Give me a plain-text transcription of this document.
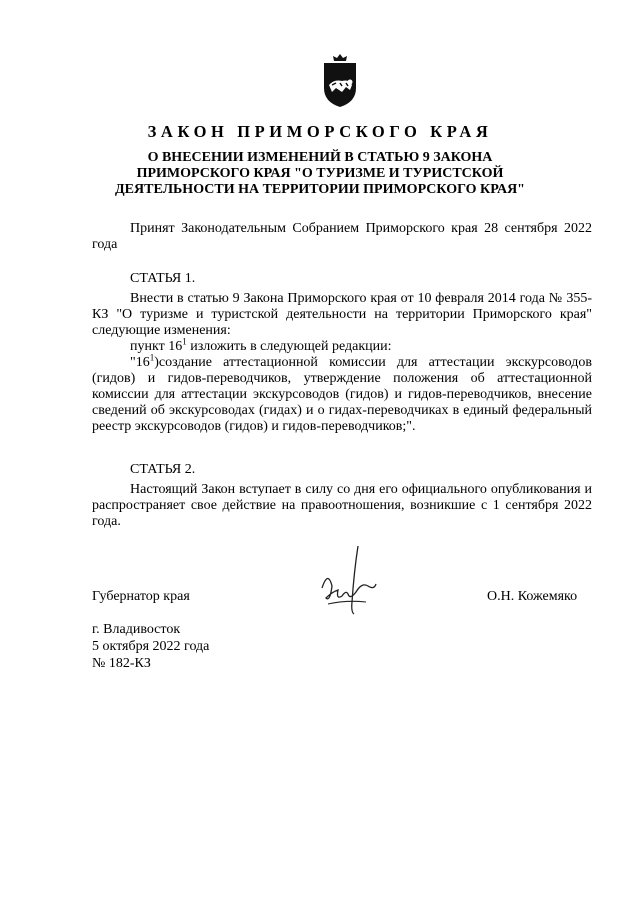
ЗАКОН ПРИМОРСКОГО КРАЯ
О ВНЕСЕНИИ ИЗМЕНЕНИЙ В СТАТЬЮ 9 ЗАКОНА
ПРИМОРСКОГО КРАЯ "О ТУРИЗМЕ И ТУРИСТСКОЙ
ДЕЯТЕЛЬНОСТИ НА ТЕРРИТОРИИ ПРИМОРСКОГО КРАЯ"
Принят Законодательным Собранием Приморского края 28 сентября 2022 года
СТАТЬЯ 1.
Внести в статью 9 Закона Приморского края от 10 февраля 2014 года № 355-КЗ "О туризме и туристской деятельности на территории Приморского края" следующие изменения:
пункт $16^1$ изложить в следующей редакции:
"$16^1)создание$ аттестационной комиссии для аттестации экскурсоводов (гидов) и гидов-переводчиков, утверждение положения об аттестационной комиссии для аттестации экскурсоводов (гидов) и гидов-переводчиков, внесение сведений об экскурсоводах (гидах) и о гидах-переводчиках в единый федеральный реестр экскурсоводов (гидов) и гидов-переводчиков;".
СТАТЬЯ 2.
Настоящий Закон вступает в силу со дня его официального опубликования и распространяет свое действие на правоотношения, возникшие с 1 сентября 2022 года.
Губернатор края	О.Н. Кожемяко
г. Владивосток
5 октября 2022 года
№ 182-КЗ
